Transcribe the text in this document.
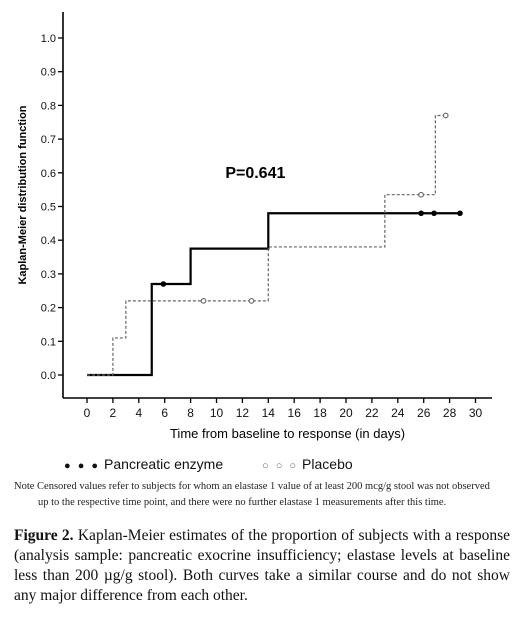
0.0
0.1
0.2
0.3
0.4
0.5
0.6
0.7
0.8
0.9
1.0
0 2 4 6 8 10 12 14 16 18 20 22 24 26 28 30
Kaplan-Meier distribution function
Time from baseline to response (in days)
P=0.641
● ● ● Pancreatic enzyme	○ ○ ○ Placebo
Note Censored values refer to subjects for whom an elastase 1 value of at least 200 mcg/g stool was not observed
up to the respective time point, and there were no further elastase 1 measurements after this time.
Figure 2. Kaplan-Meier estimates of the proportion of subjects with a response (analysis sample: pancreatic exocrine insufficiency; elastase levels at baseline less than 200 µg/g stool). Both curves take a similar course and do not show any major difference from each other.
